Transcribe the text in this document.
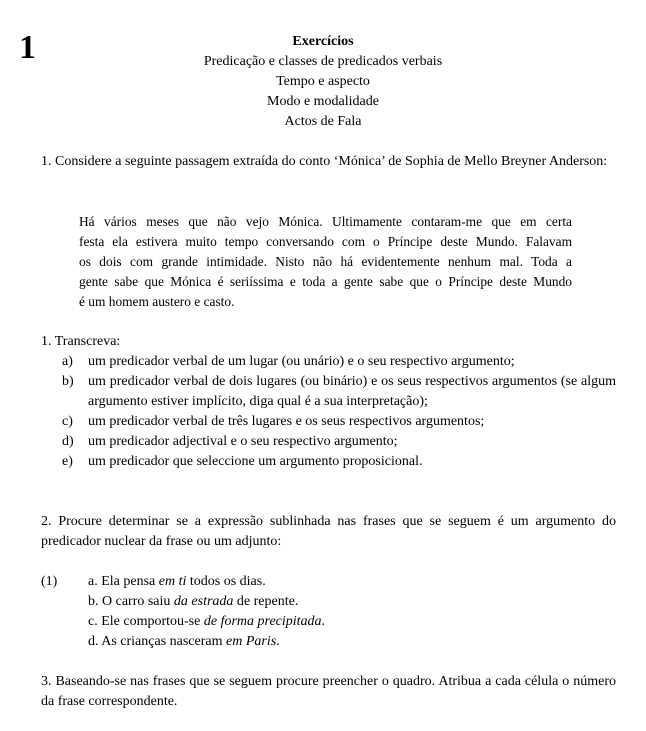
1	Exercícios
Predicação e classes de predicados verbais
Tempo e aspecto
Modo e modalidade
Actos de Fala
1. Considere a seguinte passagem extraída do conto ‘Mónica’ de Sophia de Mello Breyner Anderson:
Há vários meses que não vejo Mónica. Ultimamente contaram-me que em certa
festa ela estivera muito tempo conversando com o Príncipe deste Mundo. Falavam
os dois com grande intimidade. Nisto não há evidentemente nenhum mal. Toda a
gente sabe que Mónica é seriíssima e toda a gente sabe que o Príncipe deste Mundo
é um homem austero e casto.
1. Transcreva:
a) um predicador verbal de um lugar (ou unário) e o seu respectivo argumento;
b) um predicador verbal de dois lugares (ou binário) e os seus respectivos argumentos (se algum argumento estiver implícito, diga qual é a sua interpretação);
c) um predicador verbal de três lugares e os seus respectivos argumentos;
d) um predicador adjectival e o seu respectivo argumento;
e) um predicador que seleccione um argumento proposicional.
2. Procure determinar se a expressão sublinhada nas frases que se seguem é um argumento do predicador nuclear da frase ou um adjunto:
(1) a. Ela pensa em ti todos os dias.
b. O carro saiu da estrada de repente.
c. Ele comportou-se de forma precipitada.
d. As crianças nasceram em Paris.
3. Baseando-se nas frases que se seguem procure preencher o quadro. Atribua a cada célula o número da frase correspondente.
